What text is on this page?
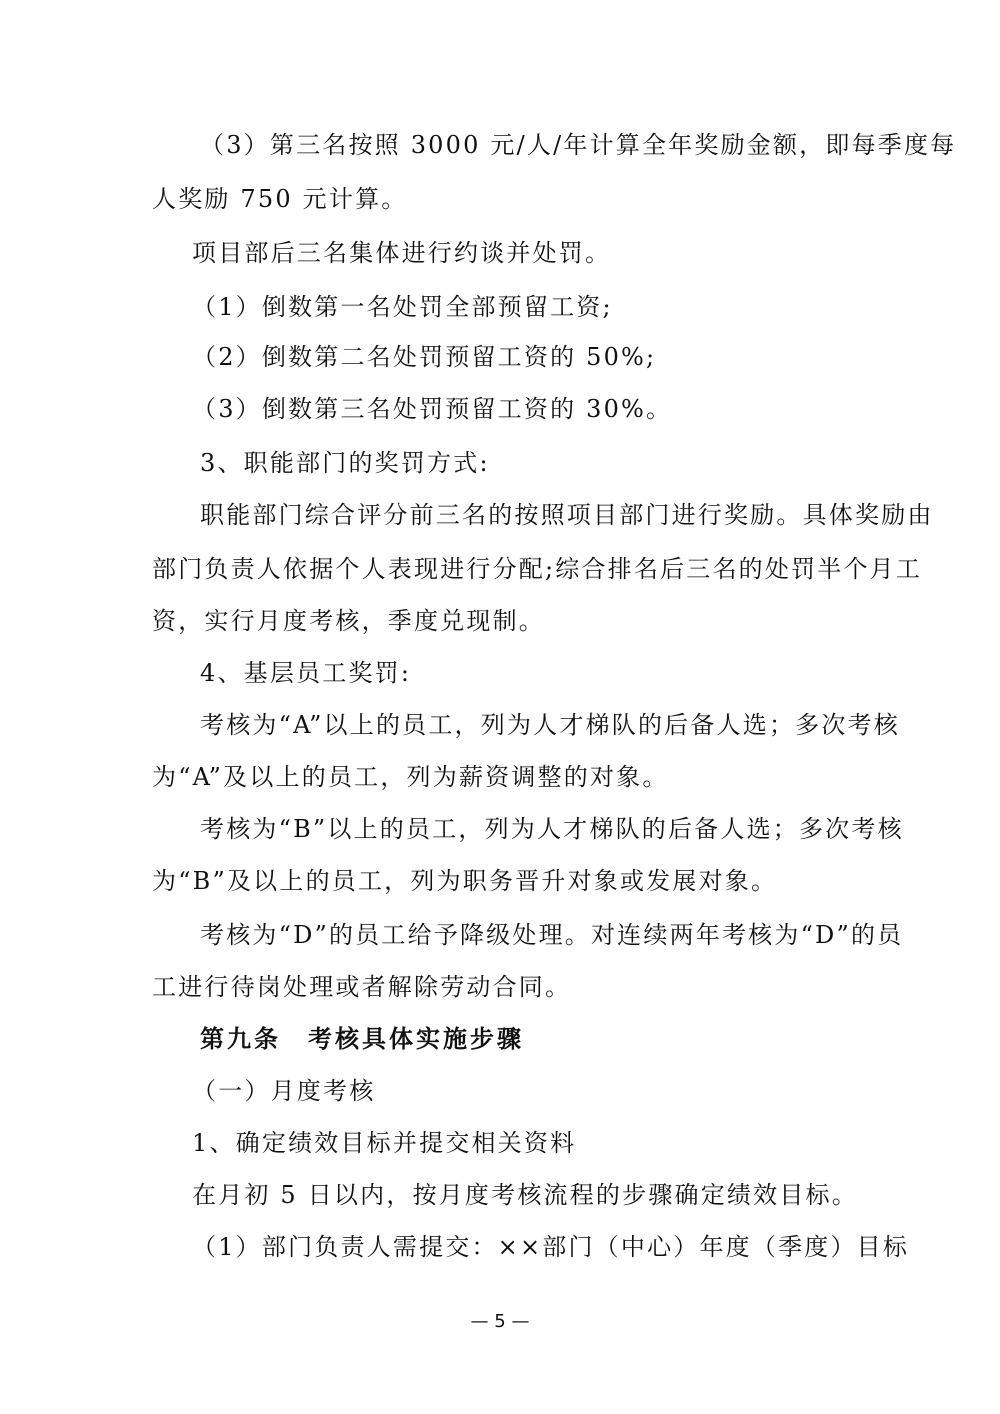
（3）第三名按照 3000 元/人/年计算全年奖励金额，即每季度每
人奖励 750 元计算。
项目部后三名集体进行约谈并处罚。
（1）倒数第一名处罚全部预留工资;
（2）倒数第二名处罚预留工资的 50%;
（3）倒数第三名处罚预留工资的 30%。
3、职能部门的奖罚方式:
职能部门综合评分前三名的按照项目部门进行奖励。具体奖励由
部门负责人依据个人表现进行分配;综合排名后三名的处罚半个月工
资，实行月度考核，季度兑现制。
4、基层员工奖罚:
考核为“A”以上的员工，列为人才梯队的后备人选；多次考核
为“A”及以上的员工，列为薪资调整的对象。
考核为“B”以上的员工，列为人才梯队的后备人选；多次考核
为“B”及以上的员工，列为职务晋升对象或发展对象。
考核为“D”的员工给予降级处理。对连续两年考核为“D”的员
工进行待岗处理或者解除劳动合同。
第九条　考核具体实施步骤
（一）月度考核
1、确定绩效目标并提交相关资料
在月初 5 日以内，按月度考核流程的步骤确定绩效目标。
（1）部门负责人需提交：××部门（中心）年度（季度）目标
— 5 —
